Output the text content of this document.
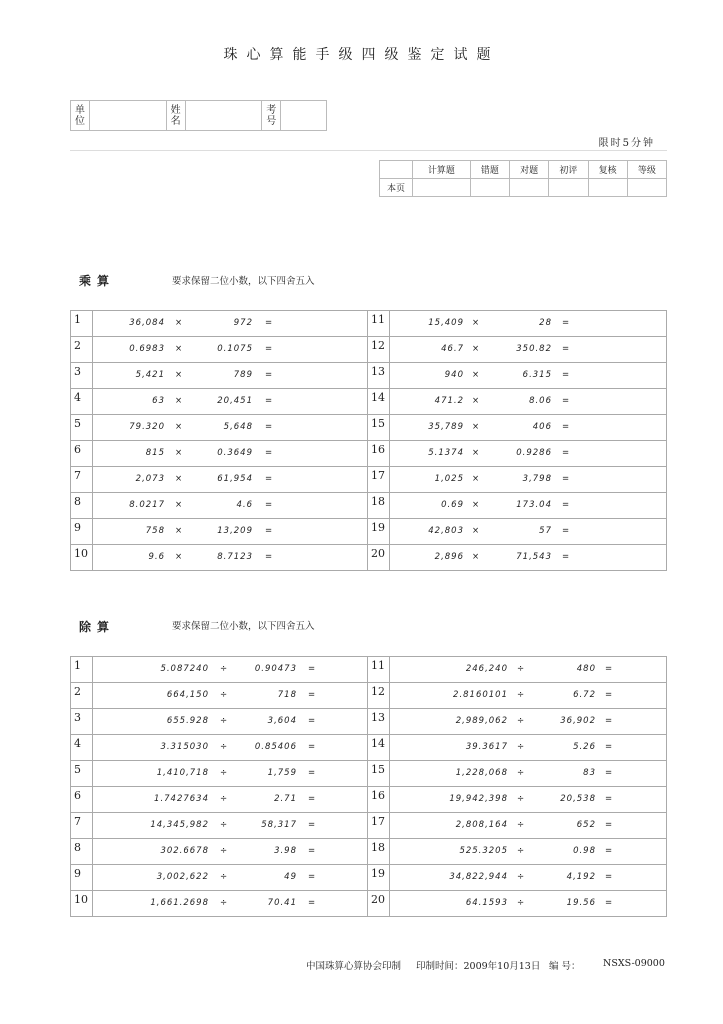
珠心算能手级四级鉴定试题
单位		姓名		考号	
限时5分钟
	计算题	错题	对题	初评	复核	等级
本页						
乘算	要求保留二位小数，以下四舍五入
1	36,084 × 972 =	11	15,409 × 28 =

2	0.6983 × 0.1075 =	12	46.7 × 350.82 =

3	5,421 × 789 =	13	940 × 6.315 =

4	63 × 20,451 =	14	471.2 × 8.06 =

5	79.320 × 5,648 =	15	35,789 × 406 =

6	815 × 0.3649 =	16	5.1374 × 0.9286 =

7	2,073 × 61,954 =	17	1,025 × 3,798 =

8	8.0217 × 4.6 =	18	0.69 × 173.04 =

9	758 × 13,209 =	19	42,803 × 57 =

10	9.6 × 8.7123 =	20	2,896 × 71,543 =
除算	要求保留二位小数，以下四舍五入
1	5.087240 ÷ 0.90473 =	11	246,240 ÷ 480 =

2	664,150 ÷ 718 =	12	2.8160101 ÷ 6.72 =

3	655.928 ÷ 3,604 =	13	2,989,062 ÷ 36,902 =

4	3.315030 ÷ 0.85406 =	14	39.3617 ÷ 5.26 =

5	1,410,718 ÷ 1,759 =	15	1,228,068 ÷ 83 =

6	1.7427634 ÷ 2.71 =	16	19,942,398 ÷ 20,538 =

7	14,345,982 ÷ 58,317 =	17	2,808,164 ÷ 652 =

8	302.6678 ÷ 3.98 =	18	525.3205 ÷ 0.98 =

9	3,002,622 ÷ 49 =	19	34,822,944 ÷ 4,192 =

10	1,661.2698 ÷ 70.41 =	20	64.1593 ÷ 19.56 =
中国珠算心算协会印制 印制时间：2009年10月13日 编 号： NSXS-09000
